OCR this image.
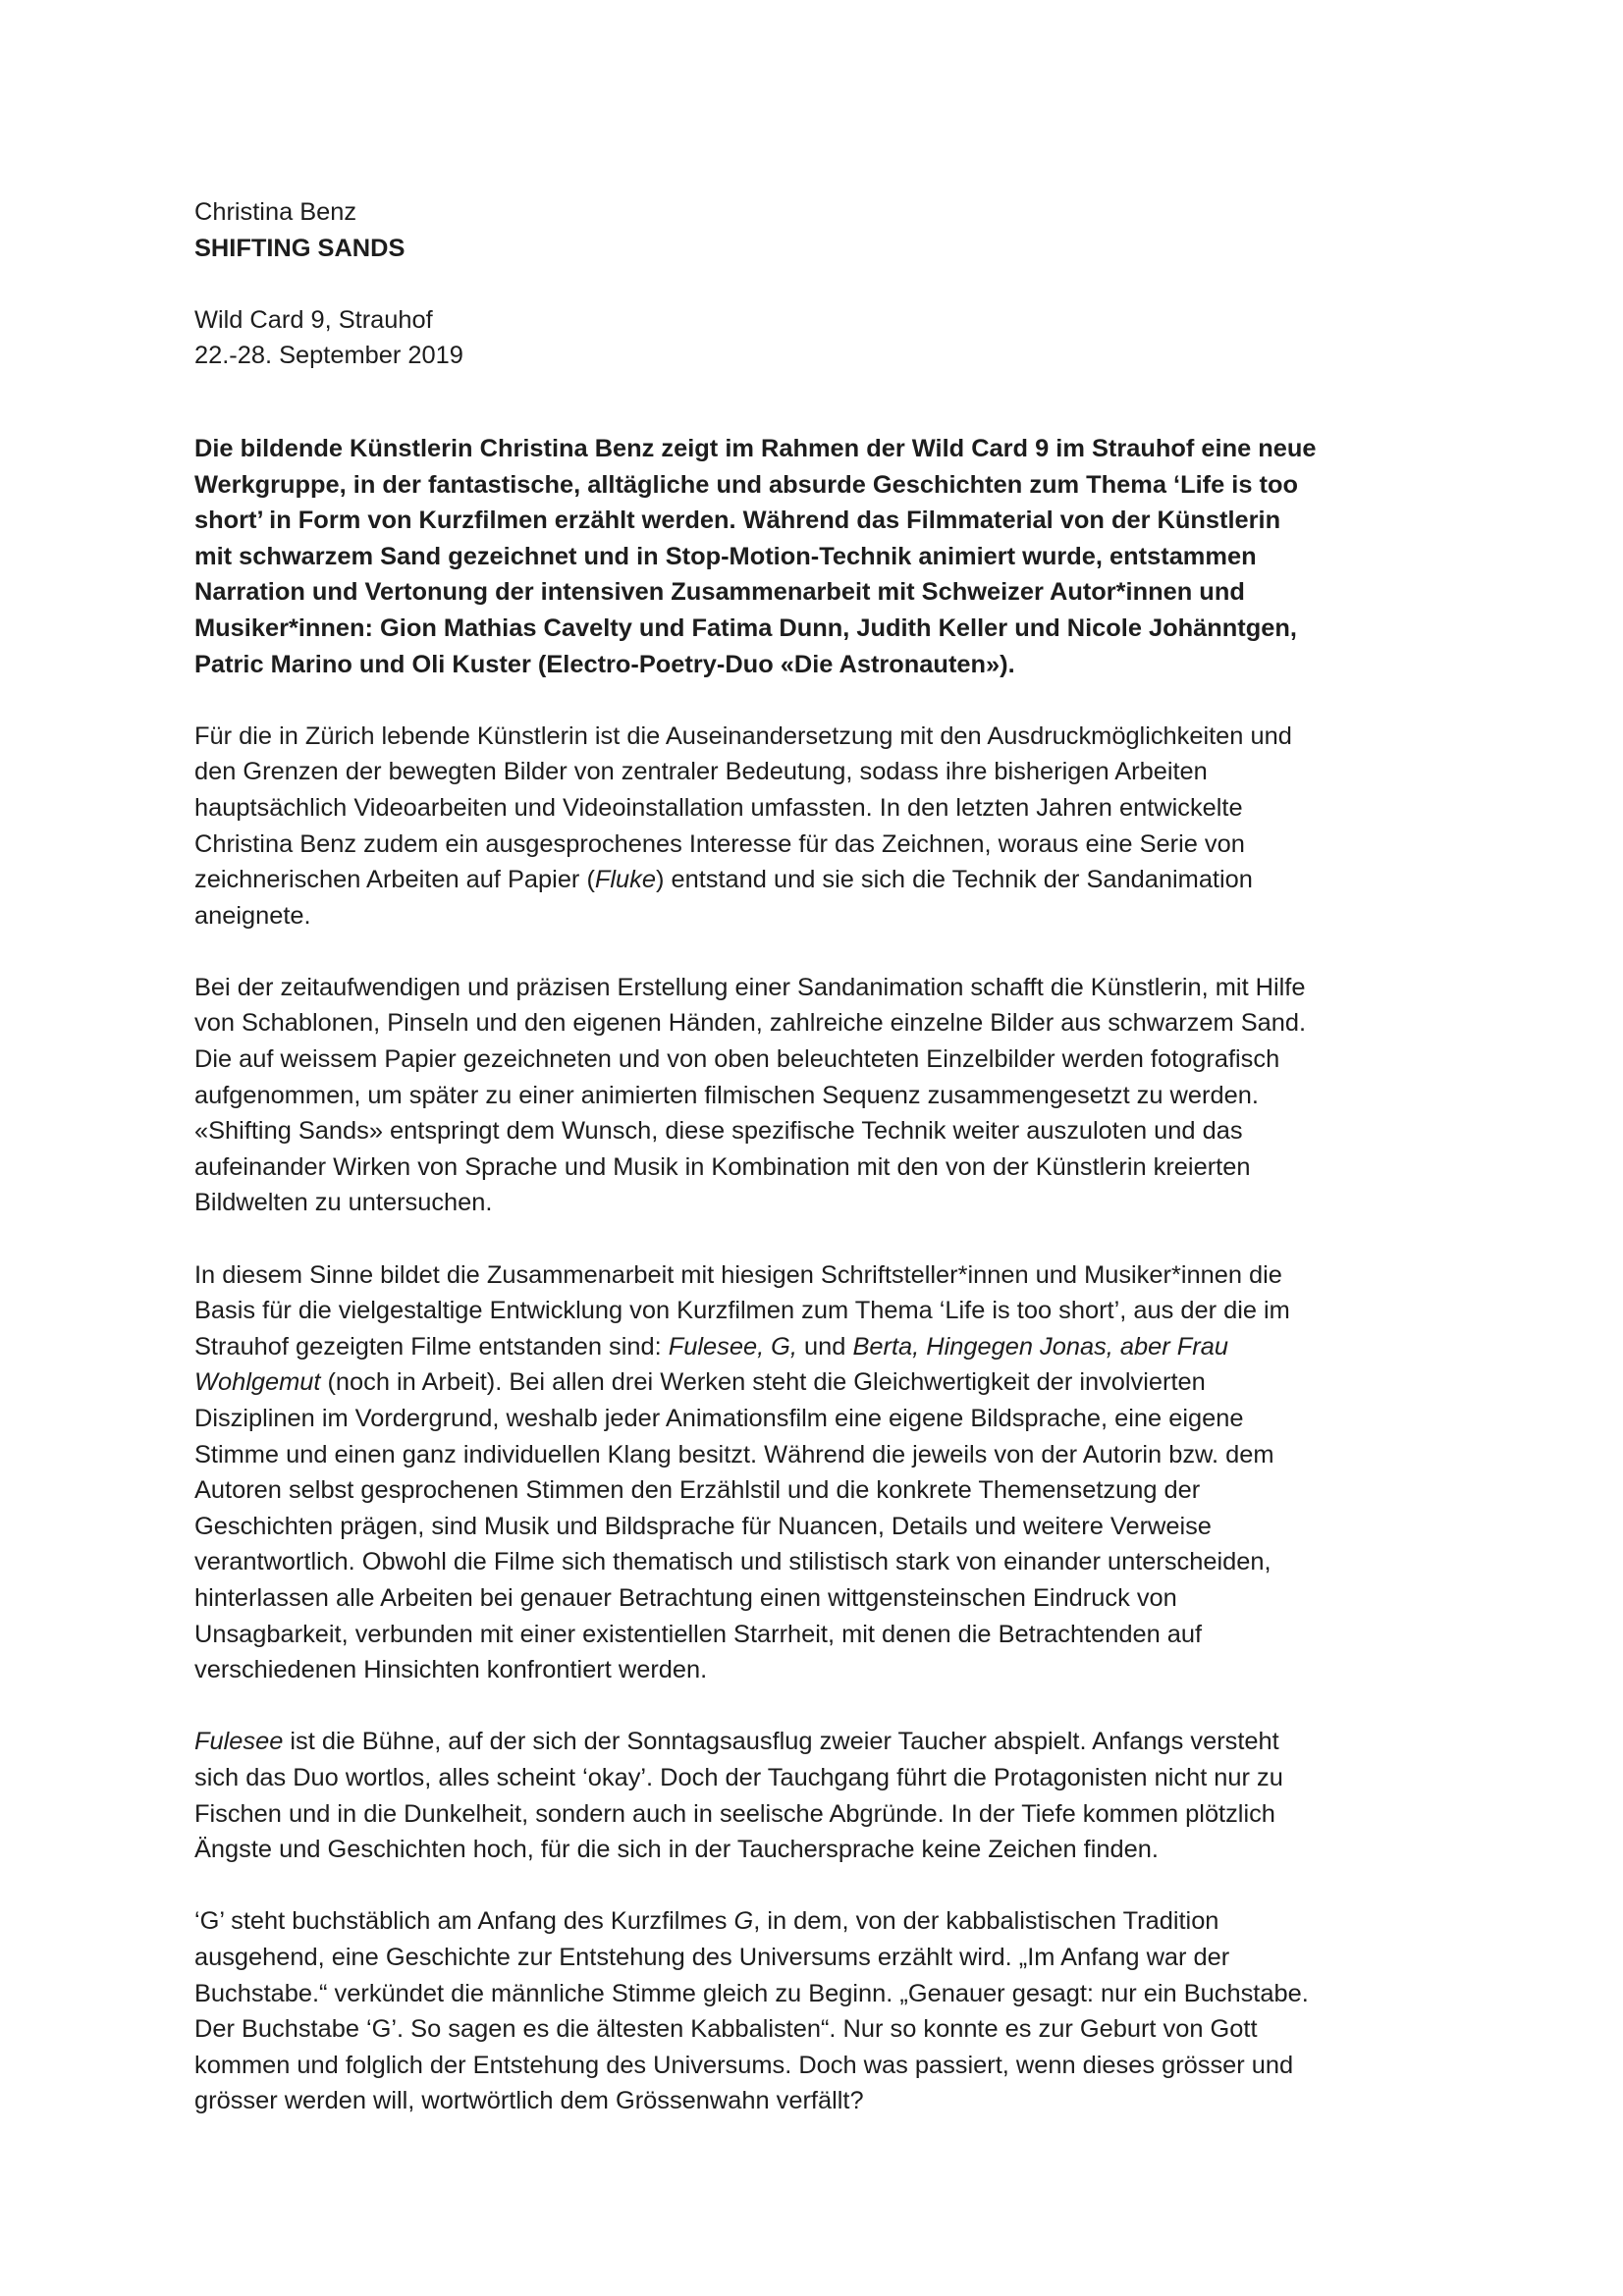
Christina Benz
SHIFTING SANDS
Wild Card 9, Strauhof
22.-28. September 2019
Die bildende Künstlerin Christina Benz zeigt im Rahmen der Wild Card 9 im Strauhof eine neue
Werkgruppe, in der fantastische, alltägliche und absurde Geschichten zum Thema ‘Life is too
short’ in Form von Kurzfilmen erzählt werden. Während das Filmmaterial von der Künstlerin
mit schwarzem Sand gezeichnet und in Stop-Motion-Technik animiert wurde, entstammen
Narration und Vertonung der intensiven Zusammenarbeit mit Schweizer Autor*innen und
Musiker*innen: Gion Mathias Cavelty und Fatima Dunn, Judith Keller und Nicole Johänntgen,
Patric Marino und Oli Kuster (Electro-Poetry-Duo «Die Astronauten»).
Für die in Zürich lebende Künstlerin ist die Auseinandersetzung mit den Ausdruckmöglichkeiten und
den Grenzen der bewegten Bilder von zentraler Bedeutung, sodass ihre bisherigen Arbeiten
hauptsächlich Videoarbeiten und Videoinstallation umfassten. In den letzten Jahren entwickelte
Christina Benz zudem ein ausgesprochenes Interesse für das Zeichnen, woraus eine Serie von
zeichnerischen Arbeiten auf Papier (Fluke) entstand und sie sich die Technik der Sandanimation
aneignete.
Bei der zeitaufwendigen und präzisen Erstellung einer Sandanimation schafft die Künstlerin, mit Hilfe
von Schablonen, Pinseln und den eigenen Händen, zahlreiche einzelne Bilder aus schwarzem Sand.
Die auf weissem Papier gezeichneten und von oben beleuchteten Einzelbilder werden fotografisch
aufgenommen, um später zu einer animierten filmischen Sequenz zusammengesetzt zu werden.
«Shifting Sands» entspringt dem Wunsch, diese spezifische Technik weiter auszuloten und das
aufeinander Wirken von Sprache und Musik in Kombination mit den von der Künstlerin kreierten
Bildwelten zu untersuchen.
In diesem Sinne bildet die Zusammenarbeit mit hiesigen Schriftsteller*innen und Musiker*innen die
Basis für die vielgestaltige Entwicklung von Kurzfilmen zum Thema ‘Life is too short’, aus der die im
Strauhof gezeigten Filme entstanden sind: Fulesee, G, und Berta, Hingegen Jonas, aber Frau
Wohlgemut (noch in Arbeit). Bei allen drei Werken steht die Gleichwertigkeit der involvierten
Disziplinen im Vordergrund, weshalb jeder Animationsfilm eine eigene Bildsprache, eine eigene
Stimme und einen ganz individuellen Klang besitzt. Während die jeweils von der Autorin bzw. dem
Autoren selbst gesprochenen Stimmen den Erzählstil und die konkrete Themensetzung der
Geschichten prägen, sind Musik und Bildsprache für Nuancen, Details und weitere Verweise
verantwortlich. Obwohl die Filme sich thematisch und stilistisch stark von einander unterscheiden,
hinterlassen alle Arbeiten bei genauer Betrachtung einen wittgensteinschen Eindruck von
Unsagbarkeit, verbunden mit einer existentiellen Starrheit, mit denen die Betrachtenden auf
verschiedenen Hinsichten konfrontiert werden.
Fulesee ist die Bühne, auf der sich der Sonntagsausflug zweier Taucher abspielt. Anfangs versteht
sich das Duo wortlos, alles scheint ‘okay’. Doch der Tauchgang führt die Protagonisten nicht nur zu
Fischen und in die Dunkelheit, sondern auch in seelische Abgründe. In der Tiefe kommen plötzlich
Ängste und Geschichten hoch, für die sich in der Tauchersprache keine Zeichen finden.
‘G’ steht buchstäblich am Anfang des Kurzfilmes G, in dem, von der kabbalistischen Tradition
ausgehend, eine Geschichte zur Entstehung des Universums erzählt wird. „Im Anfang war der
Buchstabe.“ verkündet die männliche Stimme gleich zu Beginn. „Genauer gesagt: nur ein Buchstabe.
Der Buchstabe ‘G’. So sagen es die ältesten Kabbalisten“. Nur so konnte es zur Geburt von Gott
kommen und folglich der Entstehung des Universums. Doch was passiert, wenn dieses grösser und
grösser werden will, wortwörtlich dem Grössenwahn verfällt?
